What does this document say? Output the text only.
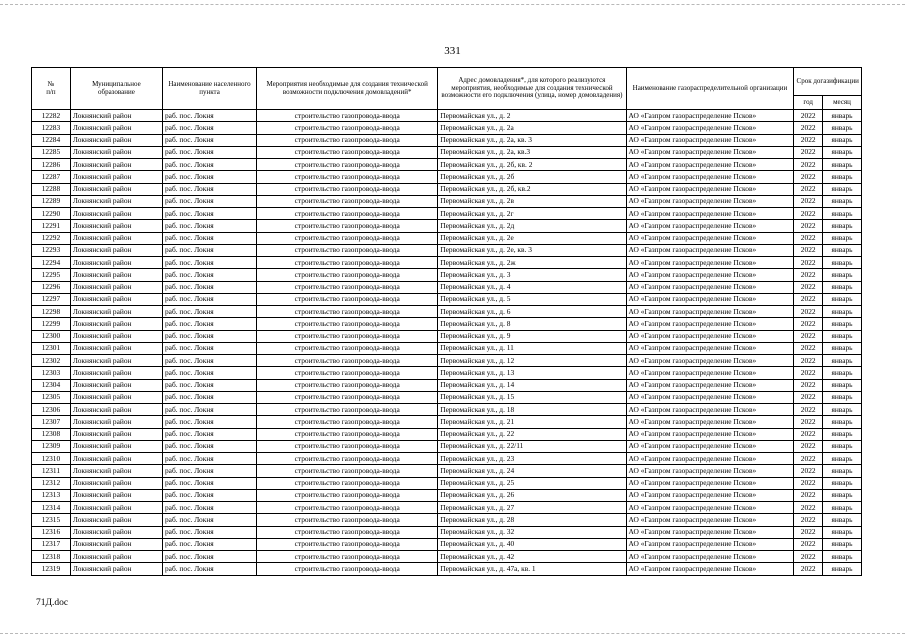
331
№
п/п	Муниципальное образование	Наименование населенного пункта	Мероприятия необходимые для создания технической возможности подключения домовладений*	Адрес домовладения*, для которого реализуются мероприятия, необходимые для создания технической возможности его подключения (улица, номер домовладения)	Наименование газораспределительной организации	Срок догазификации	
						год	месяц
12282	Локнянский район	раб. пос. Локня	строительство газопровода-ввода	Первомайская ул., д. 2	АО «Газпром газораспределение Псков»	2022	январь
12283	Локнянский район	раб. пос. Локня	строительство газопровода-ввода	Первомайская ул., д. 2а	АО «Газпром газораспределение Псков»	2022	январь
12284	Локнянский район	раб. пос. Локня	строительство газопровода-ввода	Первомайская ул., д. 2а, кв. 3	АО «Газпром газораспределение Псков»	2022	январь
12285	Локнянский район	раб. пос. Локня	строительство газопровода-ввода	Первомайская ул., д. 2а, кв.3	АО «Газпром газораспределение Псков»	2022	январь
12286	Локнянский район	раб. пос. Локня	строительство газопровода-ввода	Первомайская ул., д. 2б, кв. 2	АО «Газпром газораспределение Псков»	2022	январь
12287	Локнянский район	раб. пос. Локня	строительство газопровода-ввода	Первомайская ул., д. 2б	АО «Газпром газораспределение Псков»	2022	январь
12288	Локнянский район	раб. пос. Локня	строительство газопровода-ввода	Первомайская ул., д. 2б, кв.2	АО «Газпром газораспределение Псков»	2022	январь
12289	Локнянский район	раб. пос. Локня	строительство газопровода-ввода	Первомайская ул., д. 2в	АО «Газпром газораспределение Псков»	2022	январь
12290	Локнянский район	раб. пос. Локня	строительство газопровода-ввода	Первомайская ул., д. 2г	АО «Газпром газораспределение Псков»	2022	январь
12291	Локнянский район	раб. пос. Локня	строительство газопровода-ввода	Первомайская ул., д. 2д	АО «Газпром газораспределение Псков»	2022	январь
12292	Локнянский район	раб. пос. Локня	строительство газопровода-ввода	Первомайская ул., д. 2е	АО «Газпром газораспределение Псков»	2022	январь
12293	Локнянский район	раб. пос. Локня	строительство газопровода-ввода	Первомайская ул., д. 2е, кв. 3	АО «Газпром газораспределение Псков»	2022	январь
12294	Локнянский район	раб. пос. Локня	строительство газопровода-ввода	Первомайская ул., д. 2ж	АО «Газпром газораспределение Псков»	2022	январь
12295	Локнянский район	раб. пос. Локня	строительство газопровода-ввода	Первомайская ул., д. 3	АО «Газпром газораспределение Псков»	2022	январь
12296	Локнянский район	раб. пос. Локня	строительство газопровода-ввода	Первомайская ул., д. 4	АО «Газпром газораспределение Псков»	2022	январь
12297	Локнянский район	раб. пос. Локня	строительство газопровода-ввода	Первомайская ул., д. 5	АО «Газпром газораспределение Псков»	2022	январь
12298	Локнянский район	раб. пос. Локня	строительство газопровода-ввода	Первомайская ул., д. 6	АО «Газпром газораспределение Псков»	2022	январь
12299	Локнянский район	раб. пос. Локня	строительство газопровода-ввода	Первомайская ул., д. 8	АО «Газпром газораспределение Псков»	2022	январь
12300	Локнянский район	раб. пос. Локня	строительство газопровода-ввода	Первомайская ул., д. 9	АО «Газпром газораспределение Псков»	2022	январь
12301	Локнянский район	раб. пос. Локня	строительство газопровода-ввода	Первомайская ул., д. 11	АО «Газпром газораспределение Псков»	2022	январь
12302	Локнянский район	раб. пос. Локня	строительство газопровода-ввода	Первомайская ул., д. 12	АО «Газпром газораспределение Псков»	2022	январь
12303	Локнянский район	раб. пос. Локня	строительство газопровода-ввода	Первомайская ул., д. 13	АО «Газпром газораспределение Псков»	2022	январь
12304	Локнянский район	раб. пос. Локня	строительство газопровода-ввода	Первомайская ул., д. 14	АО «Газпром газораспределение Псков»	2022	январь
12305	Локнянский район	раб. пос. Локня	строительство газопровода-ввода	Первомайская ул., д. 15	АО «Газпром газораспределение Псков»	2022	январь
12306	Локнянский район	раб. пос. Локня	строительство газопровода-ввода	Первомайская ул., д. 18	АО «Газпром газораспределение Псков»	2022	январь
12307	Локнянский район	раб. пос. Локня	строительство газопровода-ввода	Первомайская ул., д. 21	АО «Газпром газораспределение Псков»	2022	январь
12308	Локнянский район	раб. пос. Локня	строительство газопровода-ввода	Первомайская ул., д. 22	АО «Газпром газораспределение Псков»	2022	январь
12309	Локнянский район	раб. пос. Локня	строительство газопровода-ввода	Первомайская ул., д. 22/11	АО «Газпром газораспределение Псков»	2022	январь
12310	Локнянский район	раб. пос. Локня	строительство газопровода-ввода	Первомайская ул., д. 23	АО «Газпром газораспределение Псков»	2022	январь
12311	Локнянский район	раб. пос. Локня	строительство газопровода-ввода	Первомайская ул., д. 24	АО «Газпром газораспределение Псков»	2022	январь
12312	Локнянский район	раб. пос. Локня	строительство газопровода-ввода	Первомайская ул., д. 25	АО «Газпром газораспределение Псков»	2022	январь
12313	Локнянский район	раб. пос. Локня	строительство газопровода-ввода	Первомайская ул., д. 26	АО «Газпром газораспределение Псков»	2022	январь
12314	Локнянский район	раб. пос. Локня	строительство газопровода-ввода	Первомайская ул., д. 27	АО «Газпром газораспределение Псков»	2022	январь
12315	Локнянский район	раб. пос. Локня	строительство газопровода-ввода	Первомайская ул., д. 28	АО «Газпром газораспределение Псков»	2022	январь
12316	Локнянский район	раб. пос. Локня	строительство газопровода-ввода	Первомайская ул., д. 32	АО «Газпром газораспределение Псков»	2022	январь
12317	Локнянский район	раб. пос. Локня	строительство газопровода-ввода	Первомайская ул., д. 40	АО «Газпром газораспределение Псков»	2022	январь
12318	Локнянский район	раб. пос. Локня	строительство газопровода-ввода	Первомайская ул., д. 42	АО «Газпром газораспределение Псков»	2022	январь
12319	Локнянский район	раб. пос. Локня	строительство газопровода-ввода	Первомайская ул., д. 47а, кв. 1	АО «Газпром газораспределение Псков»	2022	январь
71Д.doc
